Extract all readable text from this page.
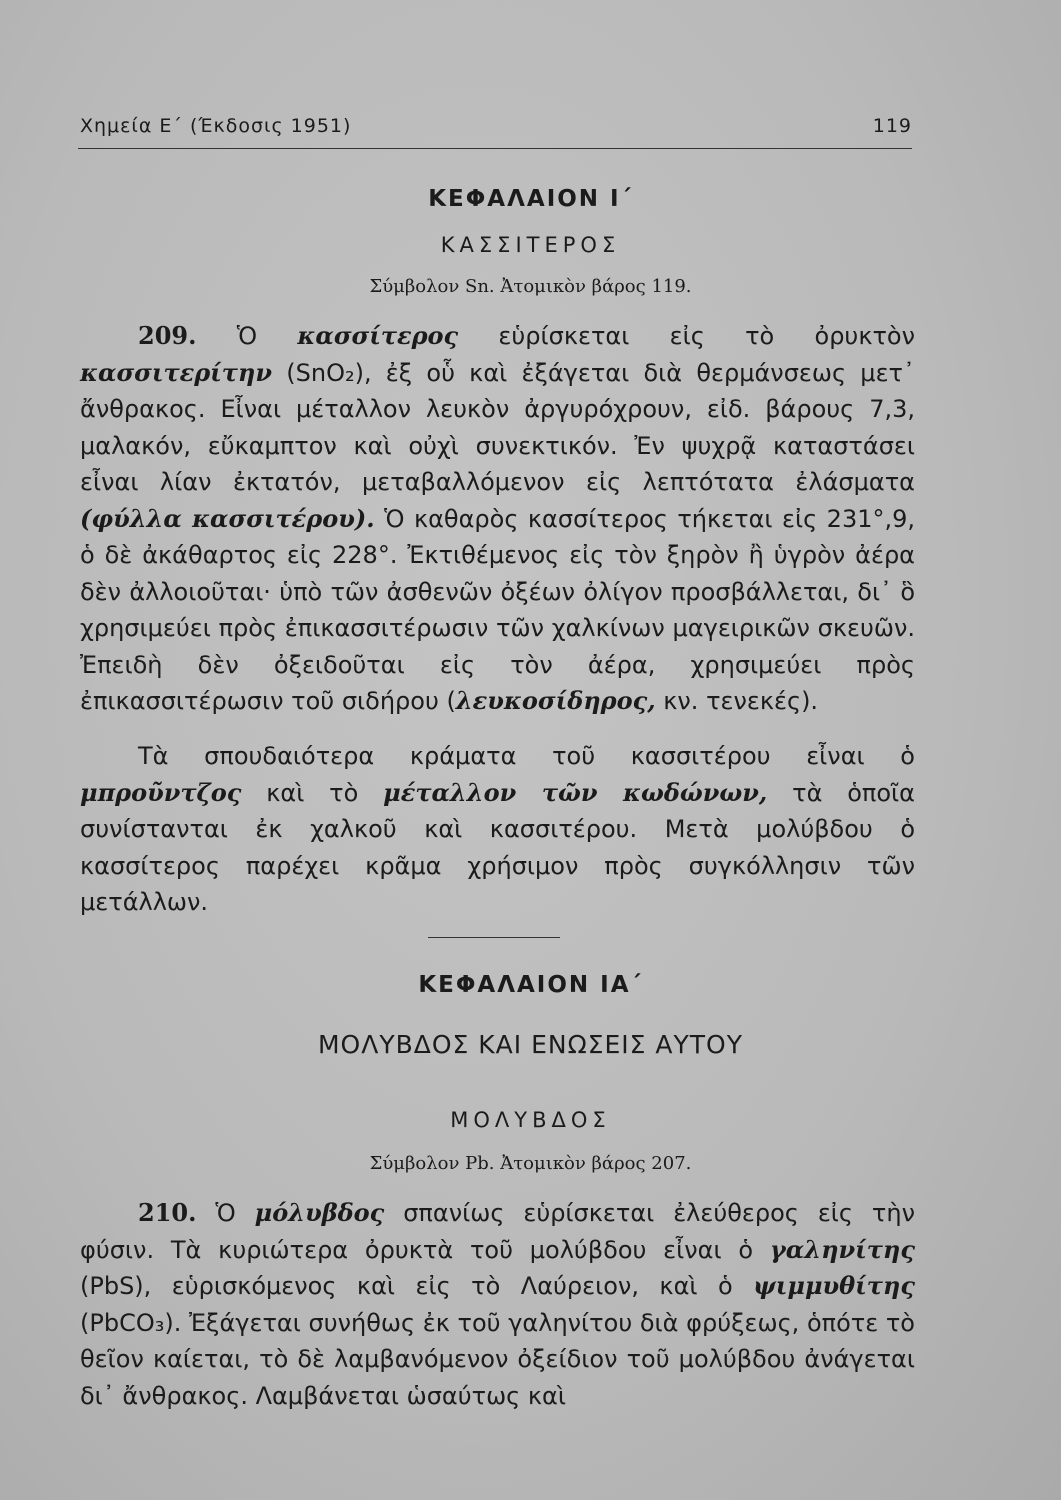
Χημεία Ε΄ (Έκδοσις 1951)	119
ΚΕΦΑΛΑΙΟΝ Ι΄
ΚΑΣΣΙΤΕΡΟΣ
Σύμβολον Sn. Ἀτομικὸν βάρος 119.
209. Ὁ κασσίτερος εὑρίσκεται εἰς τὸ ὀρυκτὸν κασσιτερίτην (SnO₂), ἐξ οὗ καὶ ἐξάγεται διὰ θερμάνσεως μετ᾽ ἄνθρακος. Εἶναι μέταλλον λευκὸν ἀργυρόχρουν, εἰδ. βάρους 7,3, μαλακόν, εὔκαμπτον καὶ οὐχὶ συνεκτικόν. Ἐν ψυχρᾷ καταστάσει εἶναι λίαν ἐκτατόν, μεταβαλλόμενον εἰς λεπτότατα ἐλάσματα (φύλλα κασσιτέρου). Ὁ καθαρὸς κασσίτερος τήκεται εἰς 231°,9, ὁ δὲ ἀκάθαρτος εἰς 228°. Ἐκτιθέμενος εἰς τὸν ξηρὸν ἢ ὑγρὸν ἀέρα δὲν ἀλλοιοῦται· ὑπὸ τῶν ἀσθενῶν ὀξέων ὀλίγον προσβάλλεται, δι᾽ ὃ χρησιμεύει πρὸς ἐπικασσιτέρωσιν τῶν χαλκίνων μαγειρικῶν σκευῶν. Ἐπειδὴ δὲν ὀξειδοῦται εἰς τὸν ἀέρα, χρησιμεύει πρὸς ἐπικασσιτέρωσιν τοῦ σιδήρου (λευκοσίδηρος, κν. τενεκές).
Τὰ σπουδαιότερα κράματα τοῦ κασσιτέρου εἶναι ὁ μπροῦντζος καὶ τὸ μέταλλον τῶν κωδώνων, τὰ ὁποῖα συνίστανται ἐκ χαλκοῦ καὶ κασσιτέρου. Μετὰ μολύβδου ὁ κασσίτερος παρέχει κρᾶμα χρήσιμον πρὸς συγκόλλησιν τῶν μετάλλων.
ΚΕΦΑΛΑΙΟΝ ΙΑ΄
ΜΟΛΥΒΔΟΣ ΚΑΙ ΕΝΩΣΕΙΣ ΑΥΤΟΥ
ΜΟΛΥΒΔΟΣ
Σύμβολον Pb. Ἀτομικὸν βάρος 207.
210. Ὁ μόλυβδος σπανίως εὑρίσκεται ἐλεύθερος εἰς τὴν φύσιν. Τὰ κυριώτερα ὀρυκτὰ τοῦ μολύβδου εἶναι ὁ γαληνίτης (PbS), εὑρισκόμενος καὶ εἰς τὸ Λαύρειον, καὶ ὁ ψιμμυθίτης (PbCO₃). Ἐξάγεται συνήθως ἐκ τοῦ γαληνίτου διὰ φρύξεως, ὁπότε τὸ θεῖον καίεται, τὸ δὲ λαμβανόμενον ὀξείδιον τοῦ μολύβδου ἀνάγεται δι᾽ ἄνθρακος. Λαμβάνεται ὡσαύτως καὶ
